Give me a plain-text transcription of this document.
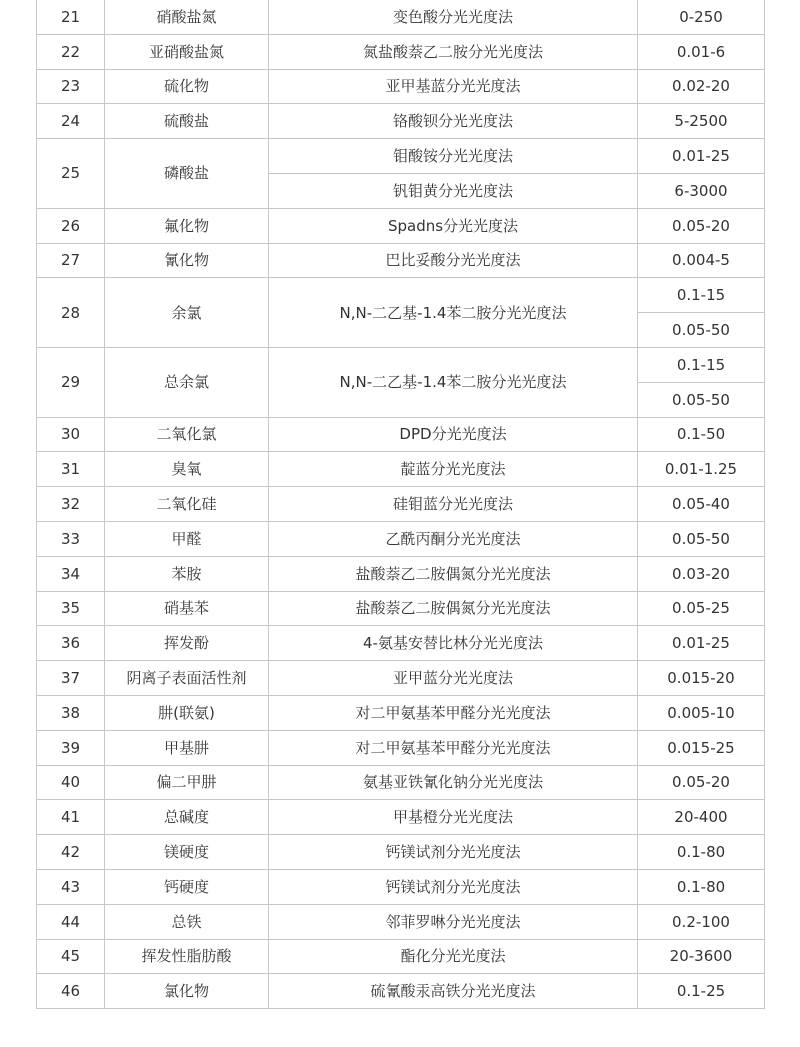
21	硝酸盐氮	变色酸分光光度法	0-250
22	亚硝酸盐氮	氮盐酸萘乙二胺分光光度法	0.01-6
23	硫化物	亚甲基蓝分光光度法	0.02-20
24	硫酸盐	铬酸钡分光光度法	5-2500
25	磷酸盐	钼酸铵分光光度法	0.01-25
		钒钼黄分光光度法	6-3000
26	氟化物	Spadns分光光度法	0.05-20
27	氰化物	巴比妥酸分光光度法	0.004-5
28	余氯	N,N-二乙基-1.4苯二胺分光光度法	0.1-15
			0.05-50
29	总余氯	N,N-二乙基-1.4苯二胺分光光度法	0.1-15
			0.05-50
30	二氧化氯	DPD分光光度法	0.1-50
31	臭氧	靛蓝分光光度法	0.01-1.25
32	二氧化硅	硅钼蓝分光光度法	0.05-40
33	甲醛	乙酰丙酮分光光度法	0.05-50
34	苯胺	盐酸萘乙二胺偶氮分光光度法	0.03-20
35	硝基苯	盐酸萘乙二胺偶氮分光光度法	0.05-25
36	挥发酚	4-氨基安替比林分光光度法	0.01-25
37	阴离子表面活性剂	亚甲蓝分光光度法	0.015-20
38	肼(联氨)	对二甲氨基苯甲醛分光光度法	0.005-10
39	甲基肼	对二甲氨基苯甲醛分光光度法	0.015-25
40	偏二甲肼	氨基亚铁氰化钠分光光度法	0.05-20
41	总碱度	甲基橙分光光度法	20-400
42	镁硬度	钙镁试剂分光光度法	0.1-80
43	钙硬度	钙镁试剂分光光度法	0.1-80
44	总铁	邻菲罗啉分光光度法	0.2-100
45	挥发性脂肪酸	酯化分光光度法	20-3600
46	氯化物	硫氰酸汞高铁分光光度法	0.1-25
